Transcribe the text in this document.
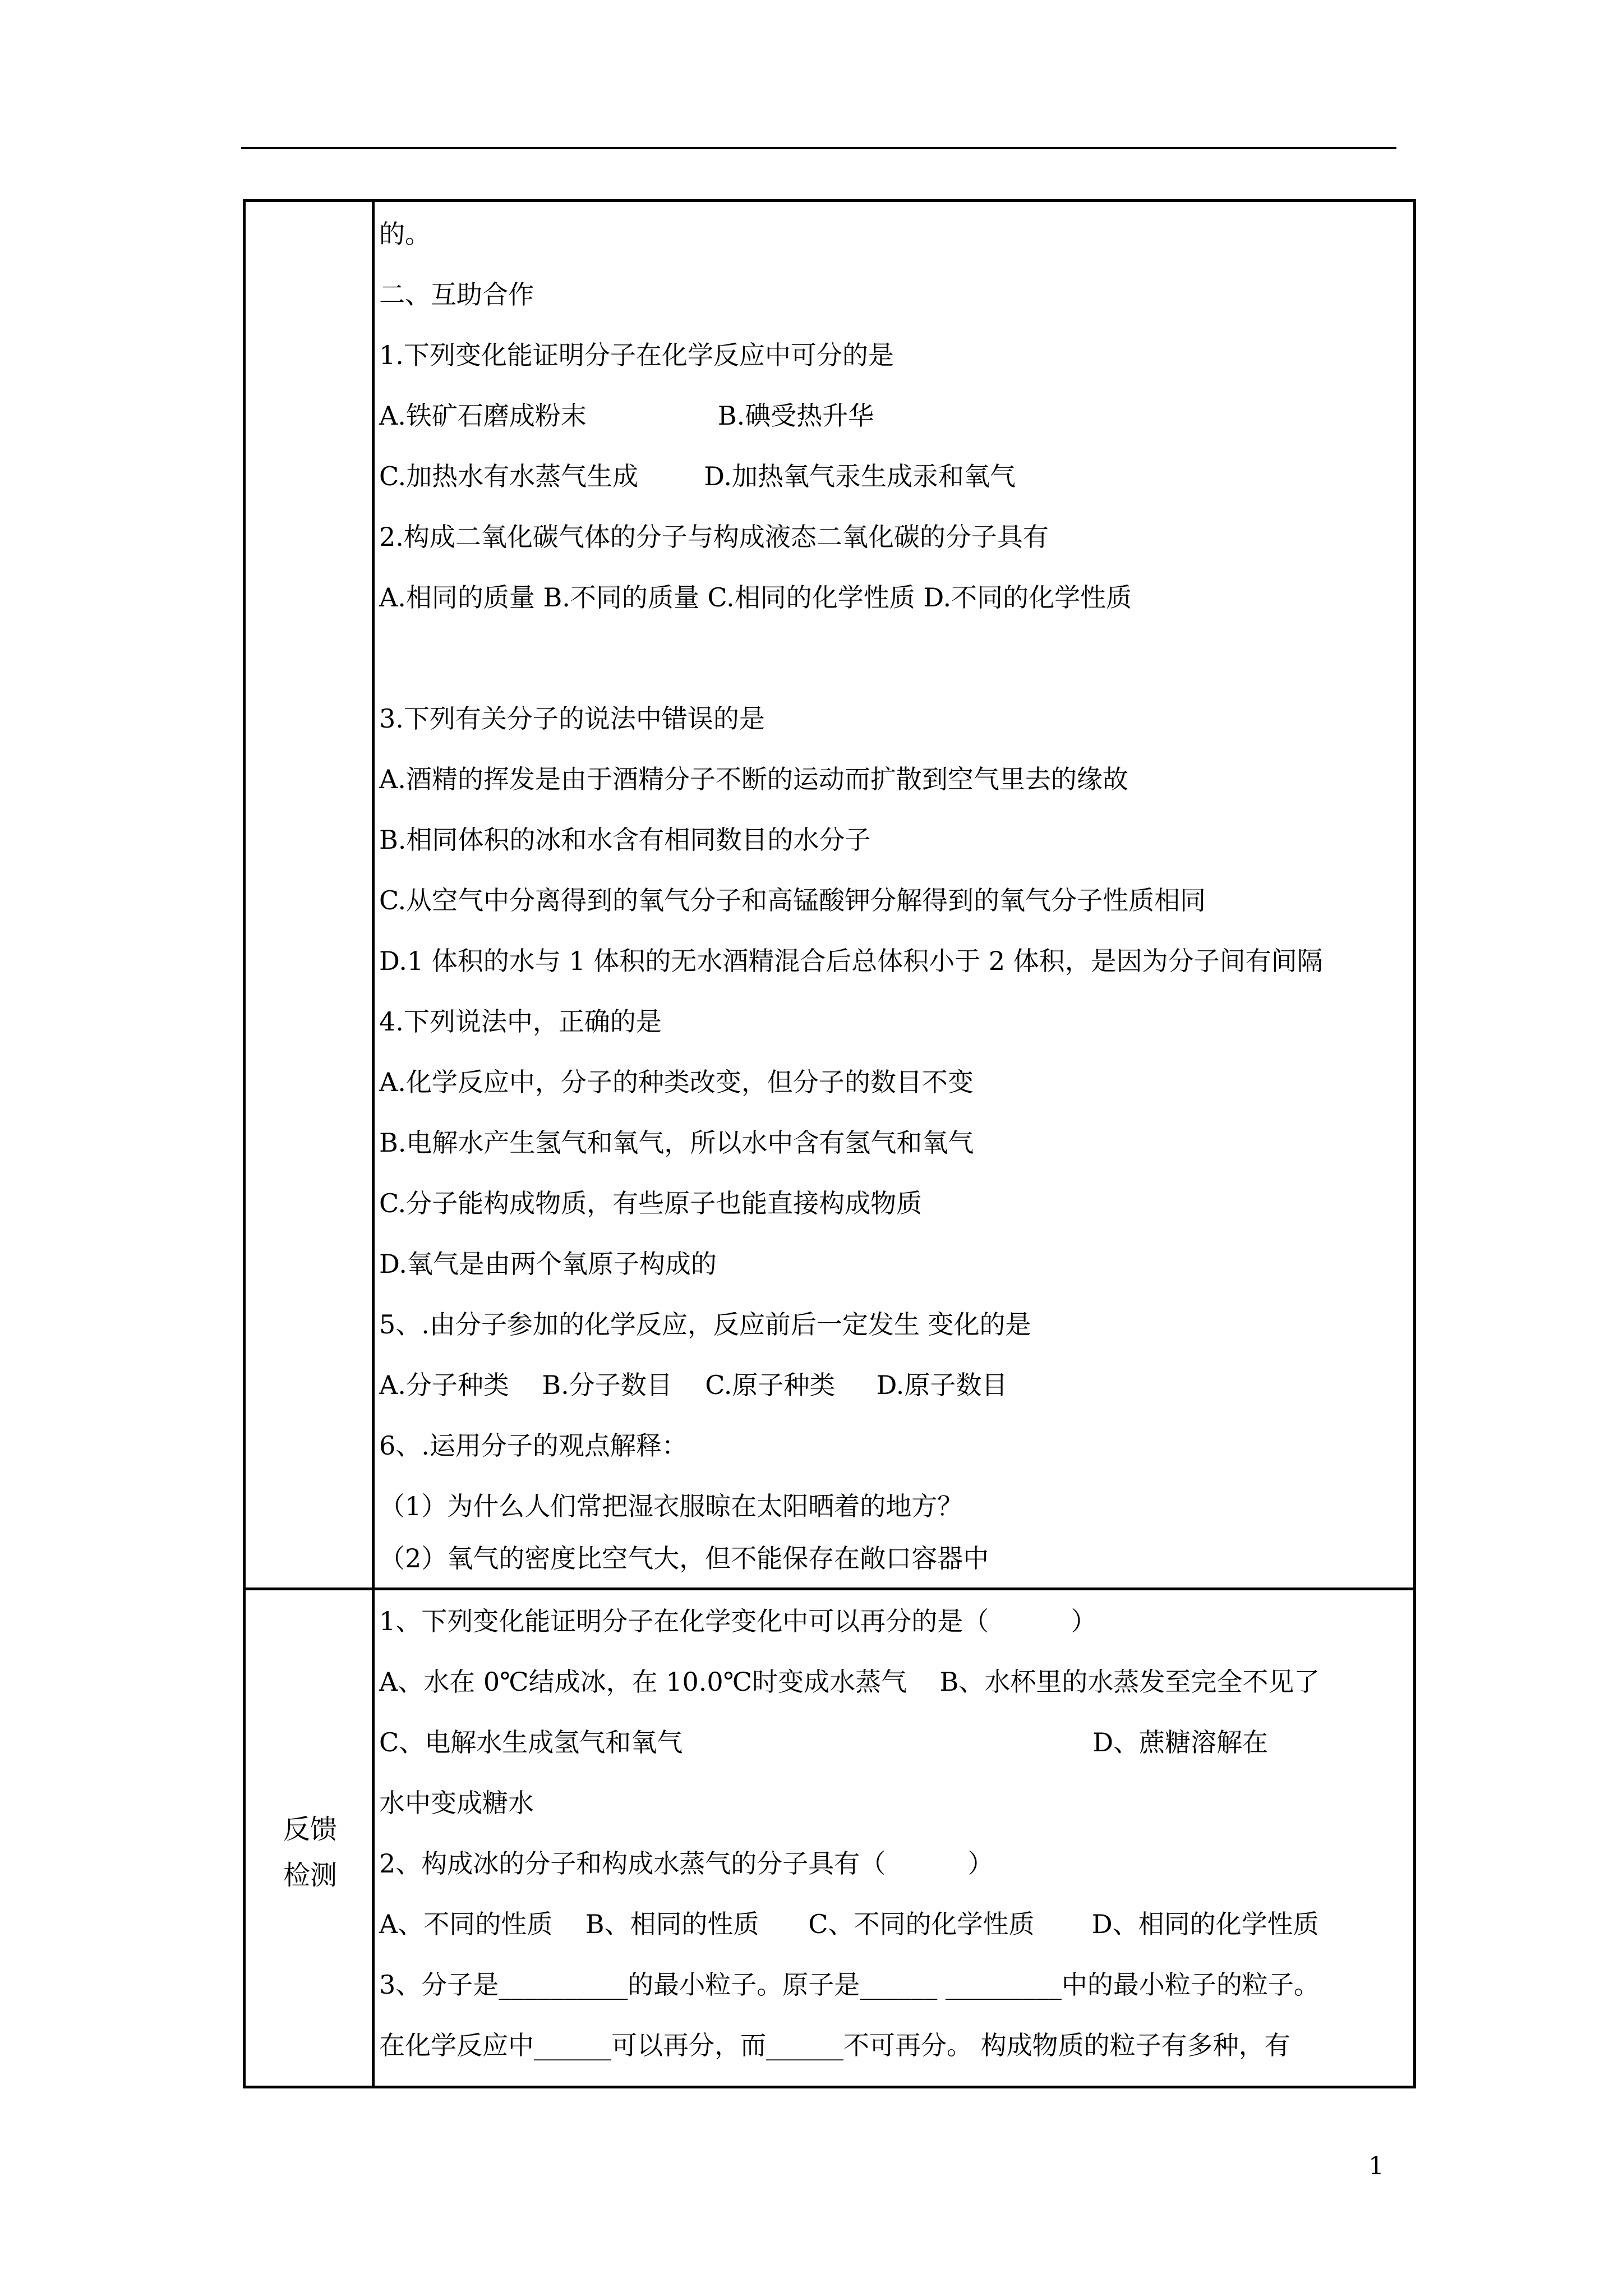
的。
二、互助合作
1.下列变化能证明分子在化学反应中可分的是
A.铁矿石磨成粉末                B.碘受热升华
C.加热水有水蒸气生成        D.加热氧气汞生成汞和氧气
2.构成二氧化碳气体的分子与构成液态二氧化碳的分子具有
A.相同的质量 B.不同的质量 C.相同的化学性质 D.不同的化学性质
3.下列有关分子的说法中错误的是
A.酒精的挥发是由于酒精分子不断的运动而扩散到空气里去的缘故
B.相同体积的冰和水含有相同数目的水分子
C.从空气中分离得到的氧气分子和高锰酸钾分解得到的氧气分子性质相同
D.1 体积的水与 1 体积的无水酒精混合后总体积小于 2 体积，是因为分子间有间隔
4.下列说法中，正确的是
A.化学反应中，分子的种类改变，但分子的数目不变
B.电解水产生氢气和氧气，所以水中含有氢气和氧气
C.分子能构成物质，有些原子也能直接构成物质
D.氧气是由两个氧原子构成的
5、.由分子参加的化学反应，反应前后一定发生 变化的是
A.分子种类    B.分子数目    C.原子种类     D.原子数目
6、.运用分子的观点解释：
（1）为什么人们常把湿衣服晾在太阳晒着的地方？
（2）氧气的密度比空气大，但不能保存在敞口容器中
反馈
检测
1、下列变化能证明分子在化学变化中可以再分的是（          ）
A、水在 0℃结成冰，在 10.0℃时变成水蒸气    B、水杯里的水蒸发至完全不见了
C、电解水生成氢气和氧气                                                  D、蔗糖溶解在
水中变成糖水
2、构成冰的分子和构成水蒸气的分子具有（          ）
A、不同的性质    B、相同的性质      C、不同的化学性质       D、相同的化学性质
3、分子是__________的最小粒子。原子是______ _________中的最小粒子的粒子。
在化学反应中______可以再分，而______不可再分。 构成物质的粒子有多种，有
1
